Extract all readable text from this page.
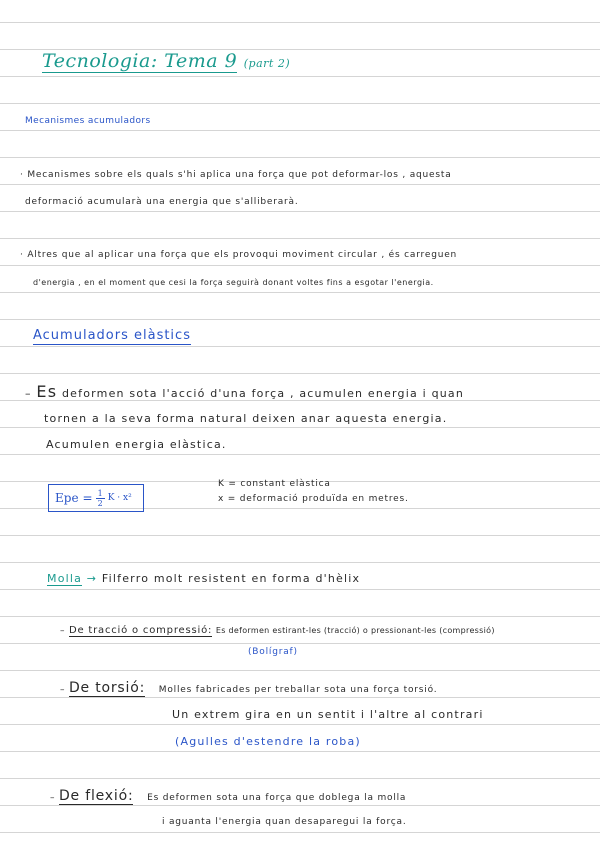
Tecnologia: Tema 9 (part 2)
Mecanismes acumuladors
· Mecanismes sobre els quals s'hi aplica una força que pot deformar-los , aquesta
deformació acumularà una energia que s'alliberarà.
· Altres que al aplicar una força que els provoqui moviment circular , és carreguen
d'energia , en el moment que cesi la força seguirà donant voltes fins a esgotar l'energia.
Acumuladors elàstics
– Es deformen sota l'acció d'una força , acumulen energia i quan
tornen a la seva forma natural deixen anar aquesta energia.
Acumulen energia elàstica.
Epe = $\frac{1}{2}$ K · x²
K = constant elàstica
x = deformació produïda en metres.
Molla → Filferro molt resistent en forma d'hèlix
– De tracció o compressió: Es deformen estirant-les (tracció) o pressionant-les (compressió)
(Bolígraf)
– De torsió: Molles fabricades per treballar sota una força torsió.
Un extrem gira en un sentit i l'altre al contrari
(Agulles d'estendre la roba)
– De flexió: Es deformen sota una força que doblega la molla
i aguanta l'energia quan desaparegui la força.
